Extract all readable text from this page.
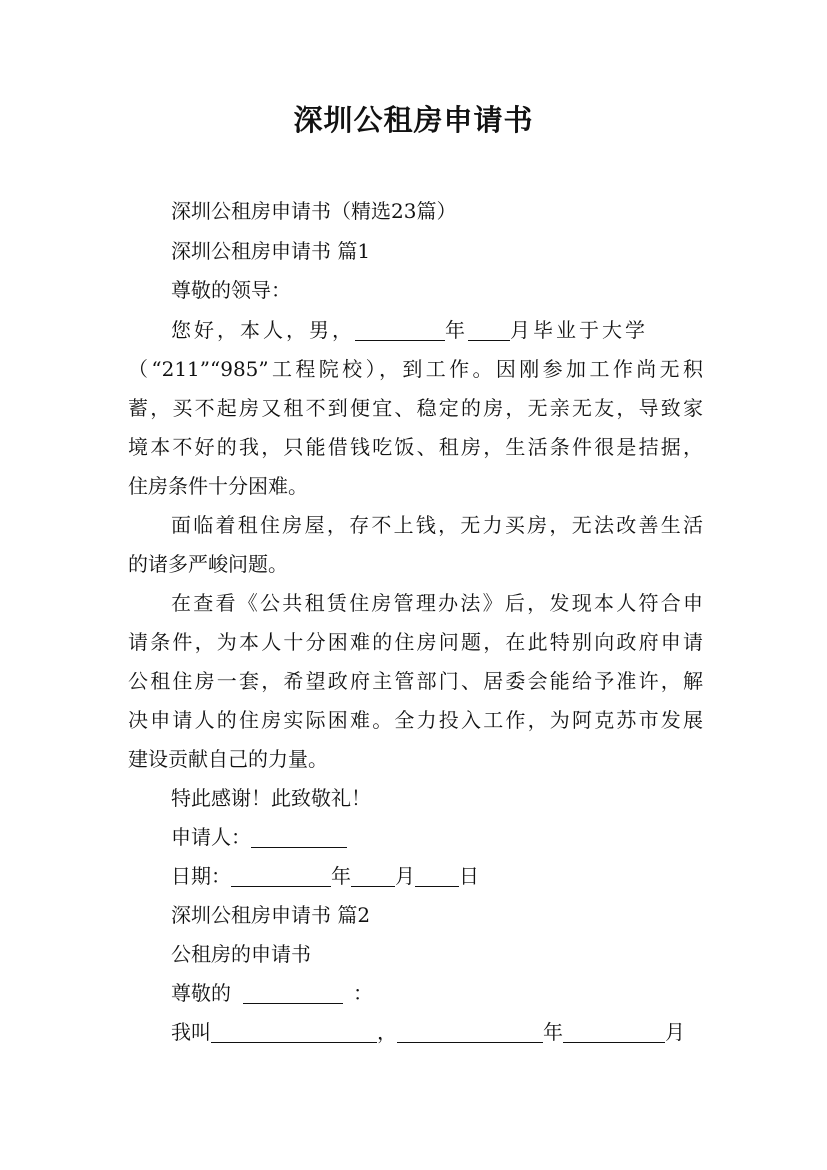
深圳公租房申请书
深圳公租房申请书（精选23篇）
深圳公租房申请书 篇1
尊敬的领导：
您好，本人，男，	年 月毕业于大学
（“211”“985”工程院校），到工作。因刚参加工作尚无积
蓄，买不起房又租不到便宜、稳定的房，无亲无友，导致家
境本不好的我，只能借钱吃饭、租房，生活条件很是拮据，
住房条件十分困难。
面临着租住房屋，存不上钱，无力买房，无法改善生活
的诸多严峻问题。
在查看《公共租赁住房管理办法》后，发现本人符合申
请条件，为本人十分困难的住房问题，在此特别向政府申请
公租住房一套，希望政府主管部门、居委会能给予准许，解
决申请人的住房实际困难。全力投入工作，为阿克苏市发展
建设贡献自己的力量。
特此感谢！此致敬礼！
申请人：
日期：	年 月 日
深圳公租房申请书 篇2
公租房的申请书
尊敬的	：
我叫	，	年	月
